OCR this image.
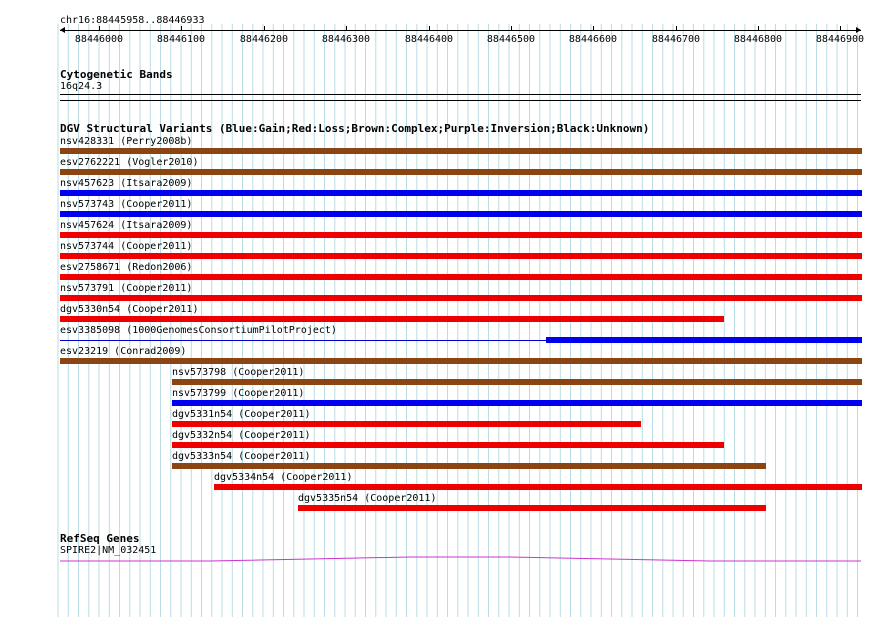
chr16:88445958..88446933
88446000	88446100	88446200	88446300	88446400	88446500	88446600	88446700	88446800	88446900
Cytogenetic Bands
16q24.3
DGV Structural Variants (Blue:Gain;Red:Loss;Brown:Complex;Purple:Inversion;Black:Unknown)
nsv428331 (Perry2008b)
esv2762221 (Vogler2010)
nsv457623 (Itsara2009)
nsv573743 (Cooper2011)
nsv457624 (Itsara2009)
nsv573744 (Cooper2011)
esv2758671 (Redon2006)
nsv573791 (Cooper2011)
dgv5330n54 (Cooper2011)
esv3385098 (1000GenomesConsortiumPilotProject)
esv23219 (Conrad2009)
nsv573798 (Cooper2011)
nsv573799 (Cooper2011)
dgv5331n54 (Cooper2011)
dgv5332n54 (Cooper2011)
dgv5333n54 (Cooper2011)
dgv5334n54 (Cooper2011)
dgv5335n54 (Cooper2011)
RefSeq Genes
SPIRE2|NM_032451
